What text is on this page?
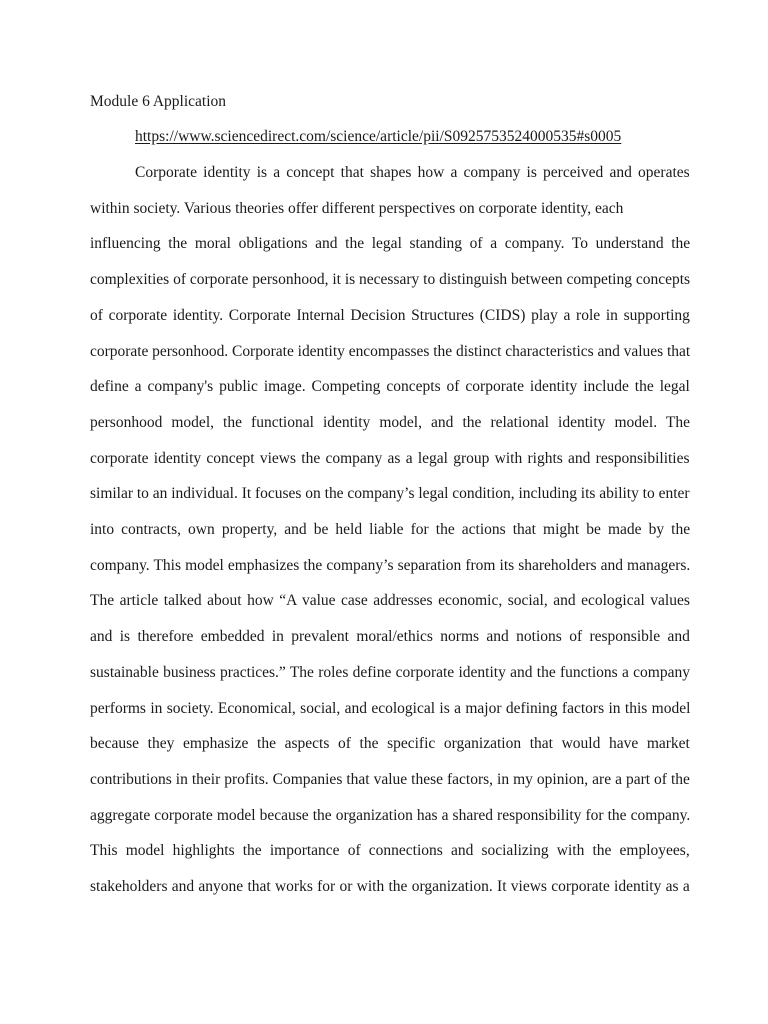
Module 6 Application
https://www.sciencedirect.com/science/article/pii/S0925753524000535#s0005
Corporate identity is a concept that shapes how a company is perceived and operates
within society. Various theories offer different perspectives on corporate identity, each
influencing the moral obligations and the legal standing of a company. To understand the
complexities of corporate personhood, it is necessary to distinguish between competing concepts
of corporate identity. Corporate Internal Decision Structures (CIDS) play a role in supporting
corporate personhood. Corporate identity encompasses the distinct characteristics and values that
define a company's public image. Competing concepts of corporate identity include the legal
personhood model, the functional identity model, and the relational identity model. The
corporate identity concept views the company as a legal group with rights and responsibilities
similar to an individual. It focuses on the company’s legal condition, including its ability to enter
into contracts, own property, and be held liable for the actions that might be made by the
company. This model emphasizes the company’s separation from its shareholders and managers.
The article talked about how “A value case addresses economic, social, and ecological values
and is therefore embedded in prevalent moral/ethics norms and notions of responsible and
sustainable business practices.” The roles define corporate identity and the functions a company
performs in society. Economical, social, and ecological is a major defining factors in this model
because they emphasize the aspects of the specific organization that would have market
contributions in their profits. Companies that value these factors, in my opinion, are a part of the
aggregate corporate model because the organization has a shared responsibility for the company.
This model highlights the importance of connections and socializing with the employees,
stakeholders and anyone that works for or with the organization. It views corporate identity as a
